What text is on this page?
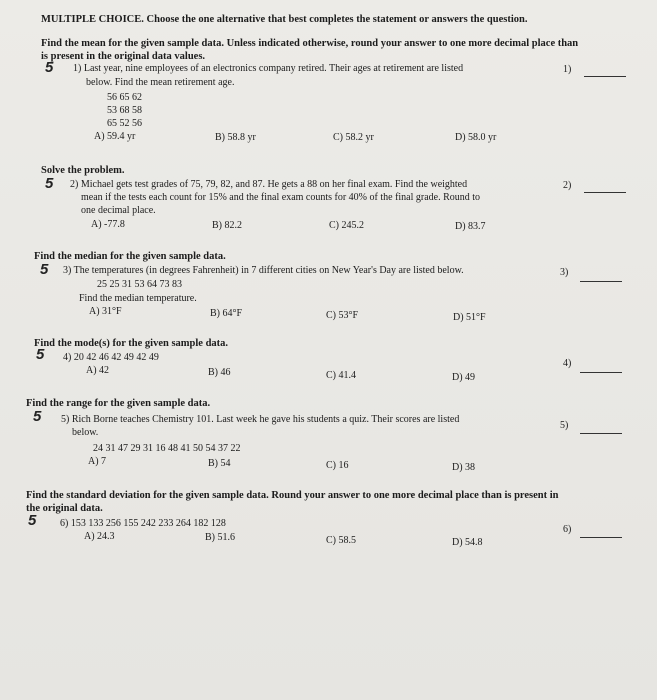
MULTIPLE CHOICE. Choose the one alternative that best completes the statement or answers the question.
Find the mean for the given sample data. Unless indicated otherwise, round your answer to one more decimal place than
is present in the original data values.
5 1) Last year, nine employees of an electronics company retired. Their ages at retirement are listed
below. Find the mean retirement age.
56 65 62
53 68 58
65 52 56
A) 59.4 yr	B) 58.8 yr	C) 58.2 yr	D) 58.0 yr
1)
Solve the problem.
5 2) Michael gets test grades of 75, 79, 82, and 87. He gets a 88 on her final exam. Find the weighted
mean if the tests each count for 15% and the final exam counts for 40% of the final grade. Round to
one decimal place.
A) -77.8	B) 82.2	C) 245.2	D) 83.7
2)
Find the median for the given sample data.
5 3) The temperatures (in degrees Fahrenheit) in 7 different cities on New Year's Day are listed below.
25 25 31 53 64 73 83
Find the median temperature.
A) 31°F	B) 64°F	C) 53°F	D) 51°F
3)
Find the mode(s) for the given sample data.
5 4) 20 42 46 42 49 42 49
A) 42	B) 46	C) 41.4	D) 49
4)
Find the range for the given sample data.
5 5) Rich Borne teaches Chemistry 101. Last week he gave his students a quiz. Their scores are listed
below.
24 31 47 29 31 16 48 41 50 54 37 22
A) 7	B) 54	C) 16	D) 38
5)
Find the standard deviation for the given sample data. Round your answer to one more decimal place than is present in
the original data.
5 6) 153 133 256 155 242 233 264 182 128
A) 24.3	B) 51.6	C) 58.5	D) 54.8
6)
